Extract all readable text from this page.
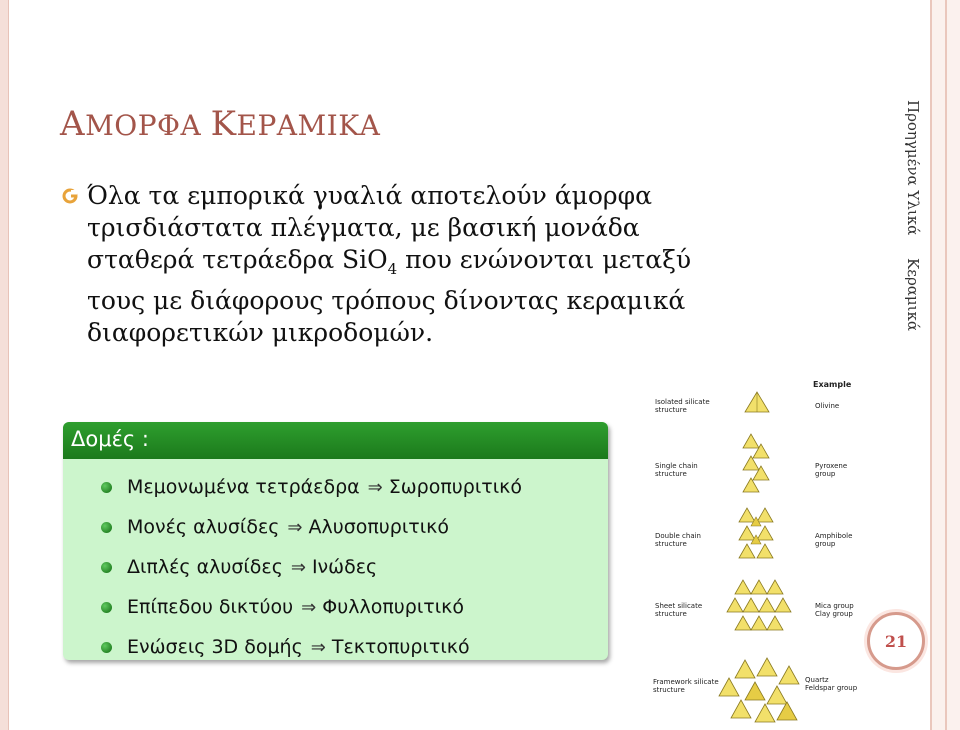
ΑΜΟΡΦΑ ΚΕΡΑΜΙΚΑ
Όλα τα εμπορικά γυαλιά αποτελούν άμορφα
τρισδιάστατα πλέγματα, με βασική μονάδα
σταθερά τετράεδρα SiO$_4$ που ενώνονται μεταξύ
τους με διάφορους τρόπους δίνοντας κεραμικά
διαφορετικών μικροδομών.
Προηγμένα Υλικά
Κεραμικά
21
Δομές :
Μεμονωμένα τετράεδρα ⇒ Σωροπυριτικό
Μονές αλυσίδες ⇒ Αλυσοπυριτικό
Διπλές αλυσίδες ⇒ Ινώδες
Επίπεδου δικτύου ⇒ Φυλλοπυριτικό
Ενώσεις 3D δομής ⇒ Τεκτοπυριτικό
Example
Isolated silicate
structure	Olivine
Single chain
structure
Pyroxene
group
Double chain
structure
Amphibole
group
Sheet silicate
structure
Mica group
Clay group
Framework silicate
structure
Quartz
Feldspar group
